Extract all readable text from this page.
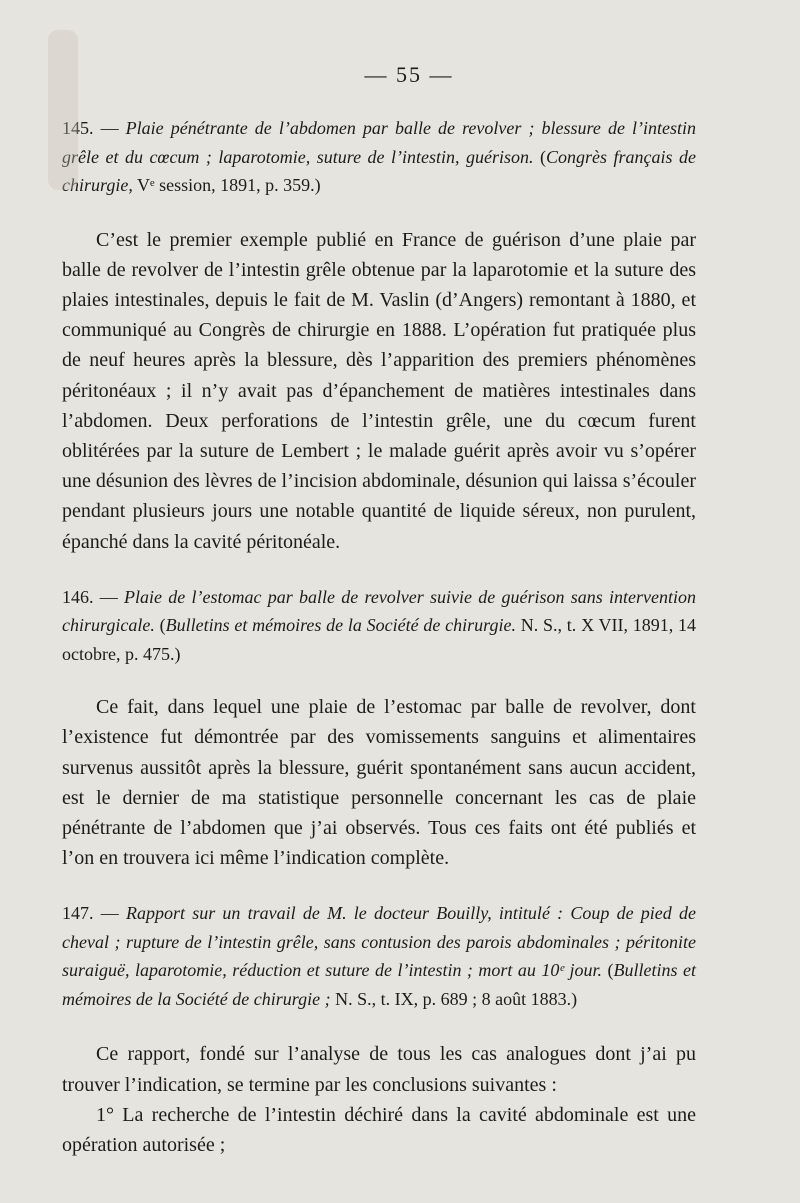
— 55 —
145. — Plaie pénétrante de l’abdomen par balle de revolver ; blessure de l’intestin grêle et du cœcum ; laparotomie, suture de l’intestin, guérison. (Congrès français de chirurgie, Vᵉ session, 1891, p. 359.)

C’est le premier exemple publié en France de guérison d’une plaie par balle de revolver de l’intestin grêle obtenue par la laparotomie et la suture des plaies intestinales, depuis le fait de M. Vaslin (d’Angers) remontant à 1880, et communiqué au Congrès de chirurgie en 1888. L’opération fut pratiquée plus de neuf heures après la blessure, dès l’apparition des premiers phénomènes péritonéaux ; il n’y avait pas d’épanchement de matières intestinales dans l’abdomen. Deux perforations de l’intestin grêle, une du cœcum furent oblitérées par la suture de Lembert ; le malade guérit après avoir vu s’opérer une désunion des lèvres de l’incision abdominale, désunion qui laissa s’écouler pendant plusieurs jours une notable quantité de liquide séreux, non purulent, épanché dans la cavité péritonéale.

146. — Plaie de l’estomac par balle de revolver suivie de guérison sans intervention chirurgicale. (Bulletins et mémoires de la Société de chirurgie. N. S., t. X VII, 1891, 14 octobre, p. 475.)

Ce fait, dans lequel une plaie de l’estomac par balle de revolver, dont l’existence fut démontrée par des vomissements sanguins et alimentaires survenus aussitôt après la blessure, guérit spontanément sans aucun accident, est le dernier de ma statistique personnelle concernant les cas de plaie pénétrante de l’abdomen que j’ai observés. Tous ces faits ont été publiés et l’on en trouvera ici même l’indication complète.

147. — Rapport sur un travail de M. le docteur Bouilly, intitulé : Coup de pied de cheval ; rupture de l’intestin grêle, sans contusion des parois abdominales ; péritonite suraiguë, laparotomie, réduction et suture de l’intestin ; mort au 10ᵉ jour. (Bulletins et mémoires de la Société de chirurgie ; N. S., t. IX, p. 689 ; 8 août 1883.)

Ce rapport, fondé sur l’analyse de tous les cas analogues dont j’ai pu trouver l’indication, se termine par les conclusions suivantes :

1° La recherche de l’intestin déchiré dans la cavité abdominale est une opération autorisée ;
